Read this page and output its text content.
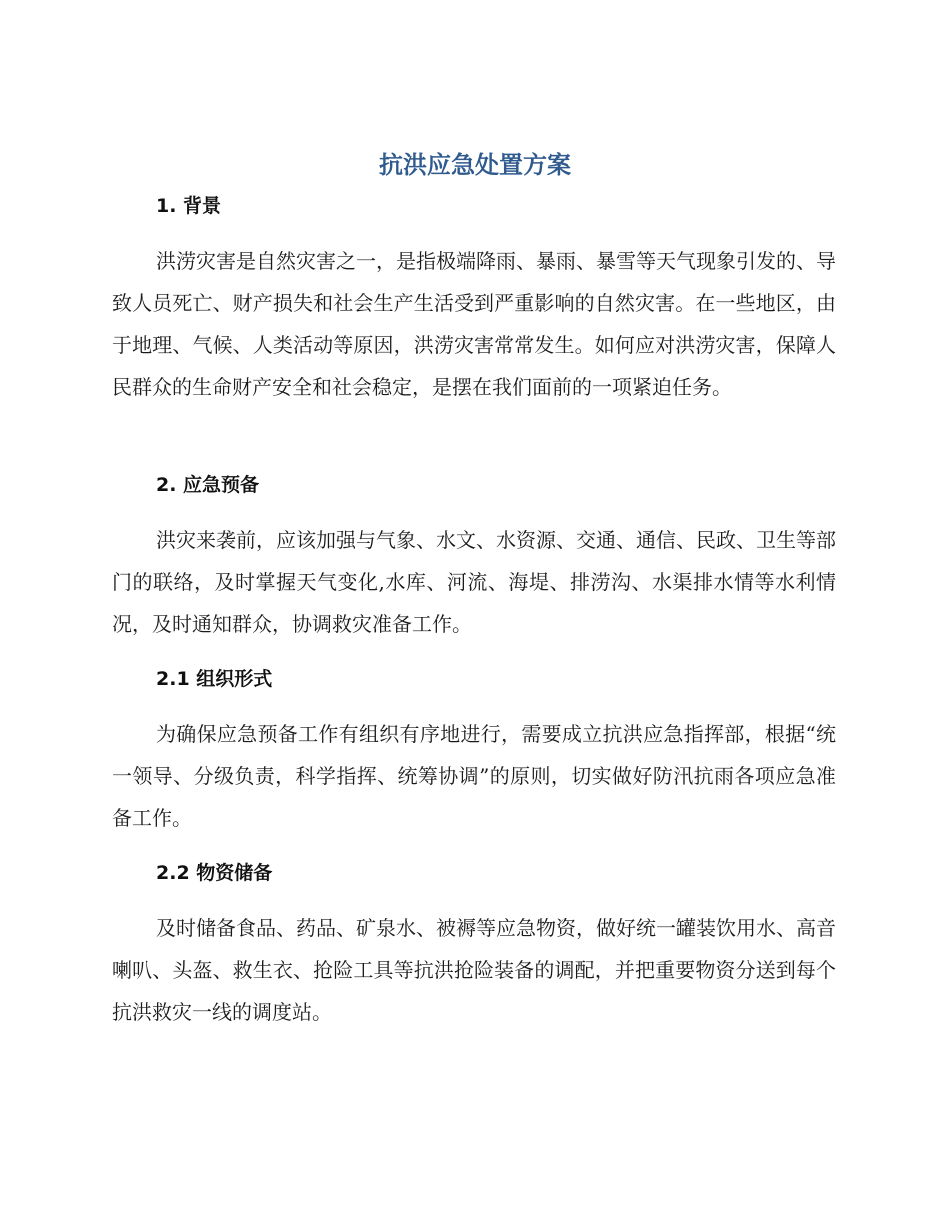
抗洪应急处置方案
1. 背景

洪涝灾害是自然灾害之一，是指极端降雨、暴雨、暴雪等天气现象引发的、导致人员死亡、财产损失和社会生产生活受到严重影响的自然灾害。在一些地区，由于地理、气候、人类活动等原因，洪涝灾害常常发生。如何应对洪涝灾害，保障人民群众的生命财产安全和社会稳定，是摆在我们面前的一项紧迫任务。

2. 应急预备

洪灾来袭前，应该加强与气象、水文、水资源、交通、通信、民政、卫生等部门的联络，及时掌握天气变化,水库、河流、海堤、排涝沟、水渠排水情等水利情况，及时通知群众，协调救灾准备工作。

2.1 组织形式

为确保应急预备工作有组织有序地进行，需要成立抗洪应急指挥部，根据“统一领导、分级负责，科学指挥、统筹协调”的原则，切实做好防汛抗雨各项应急准备工作。

2.2 物资储备

及时储备食品、药品、矿泉水、被褥等应急物资，做好统一罐装饮用水、高音喇叭、头盔、救生衣、抢险工具等抗洪抢险装备的调配，并把重要物资分送到每个抗洪救灾一线的调度站。
